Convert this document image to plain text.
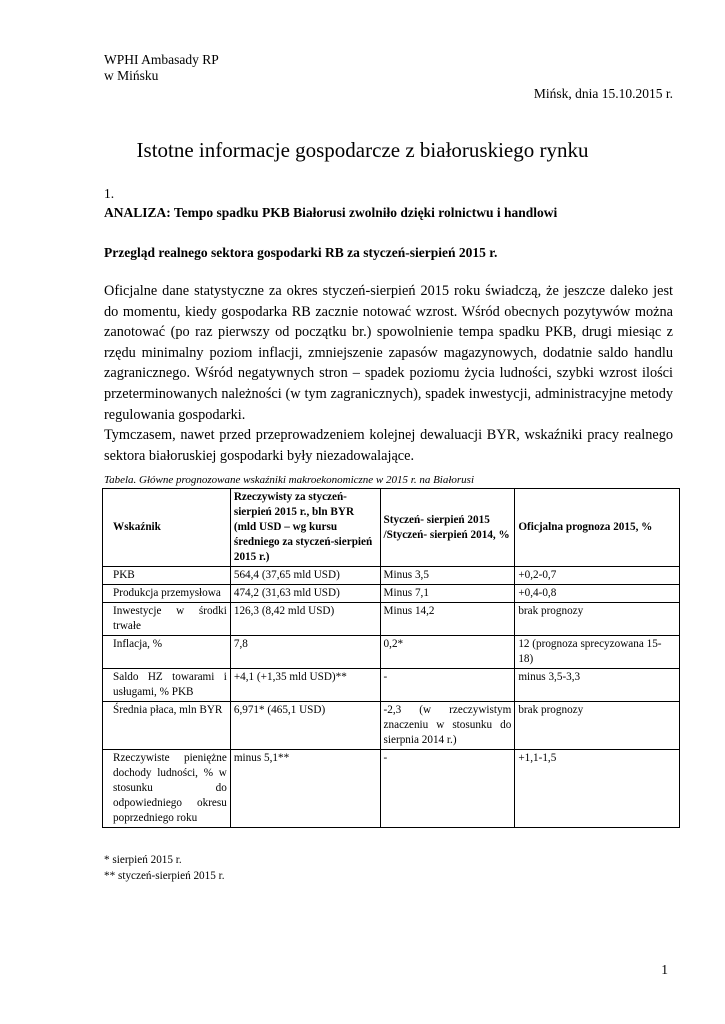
WPHI Ambasady RP
w Mińsku
Mińsk, dnia 15.10.2015 r.
Istotne informacje gospodarcze z białoruskiego rynku
1.
ANALIZA: Tempo spadku PKB Białorusi zwolniło dzięki rolnictwu i handlowi
Przegląd realnego sektora gospodarki RB za styczeń-sierpień 2015 r.

Oficjalne dane statystyczne za okres styczeń-sierpień 2015 roku świadczą, że jeszcze daleko jest do momentu, kiedy gospodarka RB zacznie notować wzrost. Wśród obecnych pozytywów można zanotować (po raz pierwszy od początku br.) spowolnienie tempa spadku PKB, drugi miesiąc z rzędu minimalny poziom inflacji, zmniejszenie zapasów magazynowych, dodatnie saldo handlu zagranicznego. Wśród negatywnych stron – spadek poziomu życia ludności, szybki wzrost ilości przeterminowanych należności (w tym zagranicznych), spadek inwestycji, administracyjne metody regulowania gospodarki.

Tymczasem, nawet przed przeprowadzeniem kolejnej dewaluacji BYR, wskaźniki pracy realnego sektora białoruskiej gospodarki były niezadowalające.

Tabela. Główne prognozowane wskaźniki makroekonomiczne w 2015 r. na Białorusi
Wskaźnik	Rzeczywisty za styczeń-sierpień 2015 r., bln BYR (mld USD – wg kursu średniego za styczeń-sierpień 2015 r.)	Styczeń- sierpień 2015 /Styczeń- sierpień 2014, %	Oficjalna prognoza 2015, %
PKB	564,4 (37,65 mld USD)	Minus 3,5	+0,2-0,7
Produkcja przemysłowa	474,2 (31,63 mld USD)	Minus 7,1	+0,4-0,8
Inwestycje w środki trwałe	126,3 (8,42 mld USD)	Minus 14,2	brak prognozy
Inflacja, %	7,8	0,2*	12 (prognoza sprecyzowana 15-18)
Saldo HZ towarami i usługami, % PKB	+4,1 (+1,35 mld USD)**	-	minus 3,5-3,3
Średnia płaca, mln BYR	6,971* (465,1 USD)	-2,3 (w rzeczywistym znaczeniu w stosunku do sierpnia 2014 r.)	brak prognozy
Rzeczywiste pieniężne dochody ludności, % w stosunku do odpowiedniego okresu poprzedniego roku	minus 5,1**	-	+1,1-1,5
* sierpień 2015 r.
** styczeń-sierpień 2015 r.
1
